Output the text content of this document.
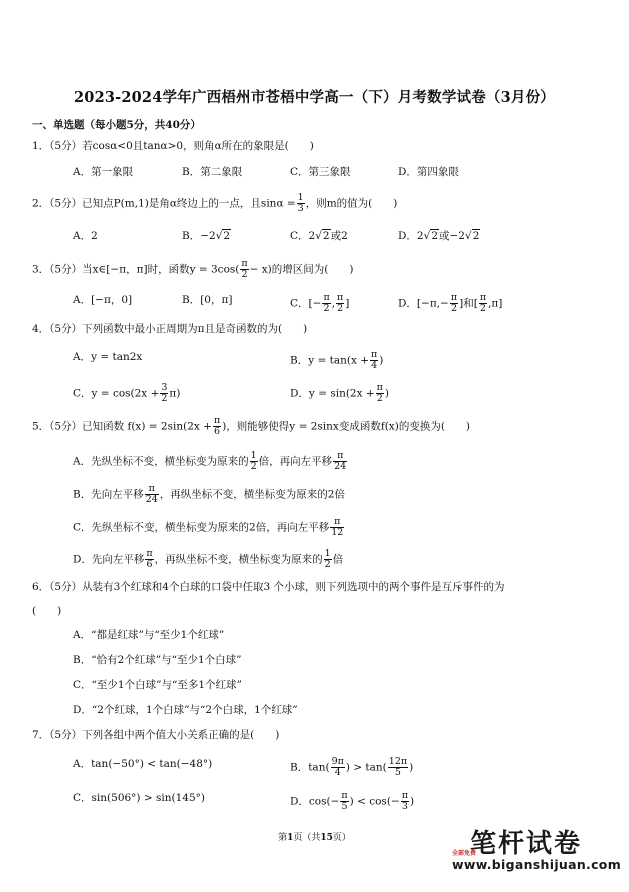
2023-2024学年广西梧州市苍梧中学高一（下）月考数学试卷（3月份）
一、单选题（每小题5分，共40分）
1．（5分）若cosα<0且tanα>0，则角α所在的象限是(　　)
A．第一象限	B．第二象限	C．第三象限	D．第四象限
2．（5分）已知点P(m,1)是角α终边上的一点，且$\sin\alpha = \frac{1}{3}$ ，则m的值为(　　)
A．2	B．−2√2	C．2√2或2	D．2√2或−2√2
3．（5分）当x∈[−π，π]时，函数$y = 3\cos( \frac{\pi}{2} - x)$的增区间为(　　)
A．[−π，0]	B．[0，π]	C．[− $\frac{\pi}{2}$ , $\frac{\pi}{2}$ ]	D．[$-\pi,- \frac{\pi}{2}$ ]和[ $\frac{\pi}{2} ,\pi$]
4．（5分）下列函数中最小正周期为π且是奇函数的为(　　)
A．y = tan2x	B．$y = \tan(x + \frac{\pi}{4}$ )
C．$y = \cos(2x + \frac{3}{2} \pi)$	D．$y = \sin(2x + \frac{\pi}{2}$ )
5．（5分）已知函数 $f(x) = 2\sin(2x + \frac{\pi}{6}$ )，则能够使得y = 2sinx变成函数f(x)的变换为(　　)
A．先纵坐标不变，横坐标变为原来的 $\frac{1}{2}$ 倍，再向左平移 $\frac{\pi}{24}$
B．先向左平移 $\frac{\pi}{24}$ ，再纵坐标不变，横坐标变为原来的2倍
C．先纵坐标不变，横坐标变为原来的2倍，再向左平移 $\frac{\pi}{12}$
D．先向左平移 $\frac{\pi}{6}$ ，再纵坐标不变，横坐标变为原来的 $\frac{1}{2}$ 倍
6．（5分）从装有3个红球和4个白球的口袋中任取3 个小球，则下列选项中的两个事件是互斥事件的为
(　　)
A．“都是红球”与“至少1个红球”
B．“恰有2个红球”与“至少1个白球”
C．“至少1个白球”与“至多1个红球”
D．“2个红球，1个白球”与“2个白球，1个红球”
7．（5分）下列各组中两个值大小关系正确的是(　　)
A．tan(−50°) < tan(−48°)	B．$\tan( \frac{9\pi}{4}$ ) > $\tan( \frac{12\pi}{5}$ )
C．sin(506°) > sin(145°)	D．$\cos(- \frac{\pi}{5}$ ) < $\cos(- \frac{\pi}{3}$ )
第1页（共15页）	笔杆试卷
全部免费
www.biganshijuan.com
